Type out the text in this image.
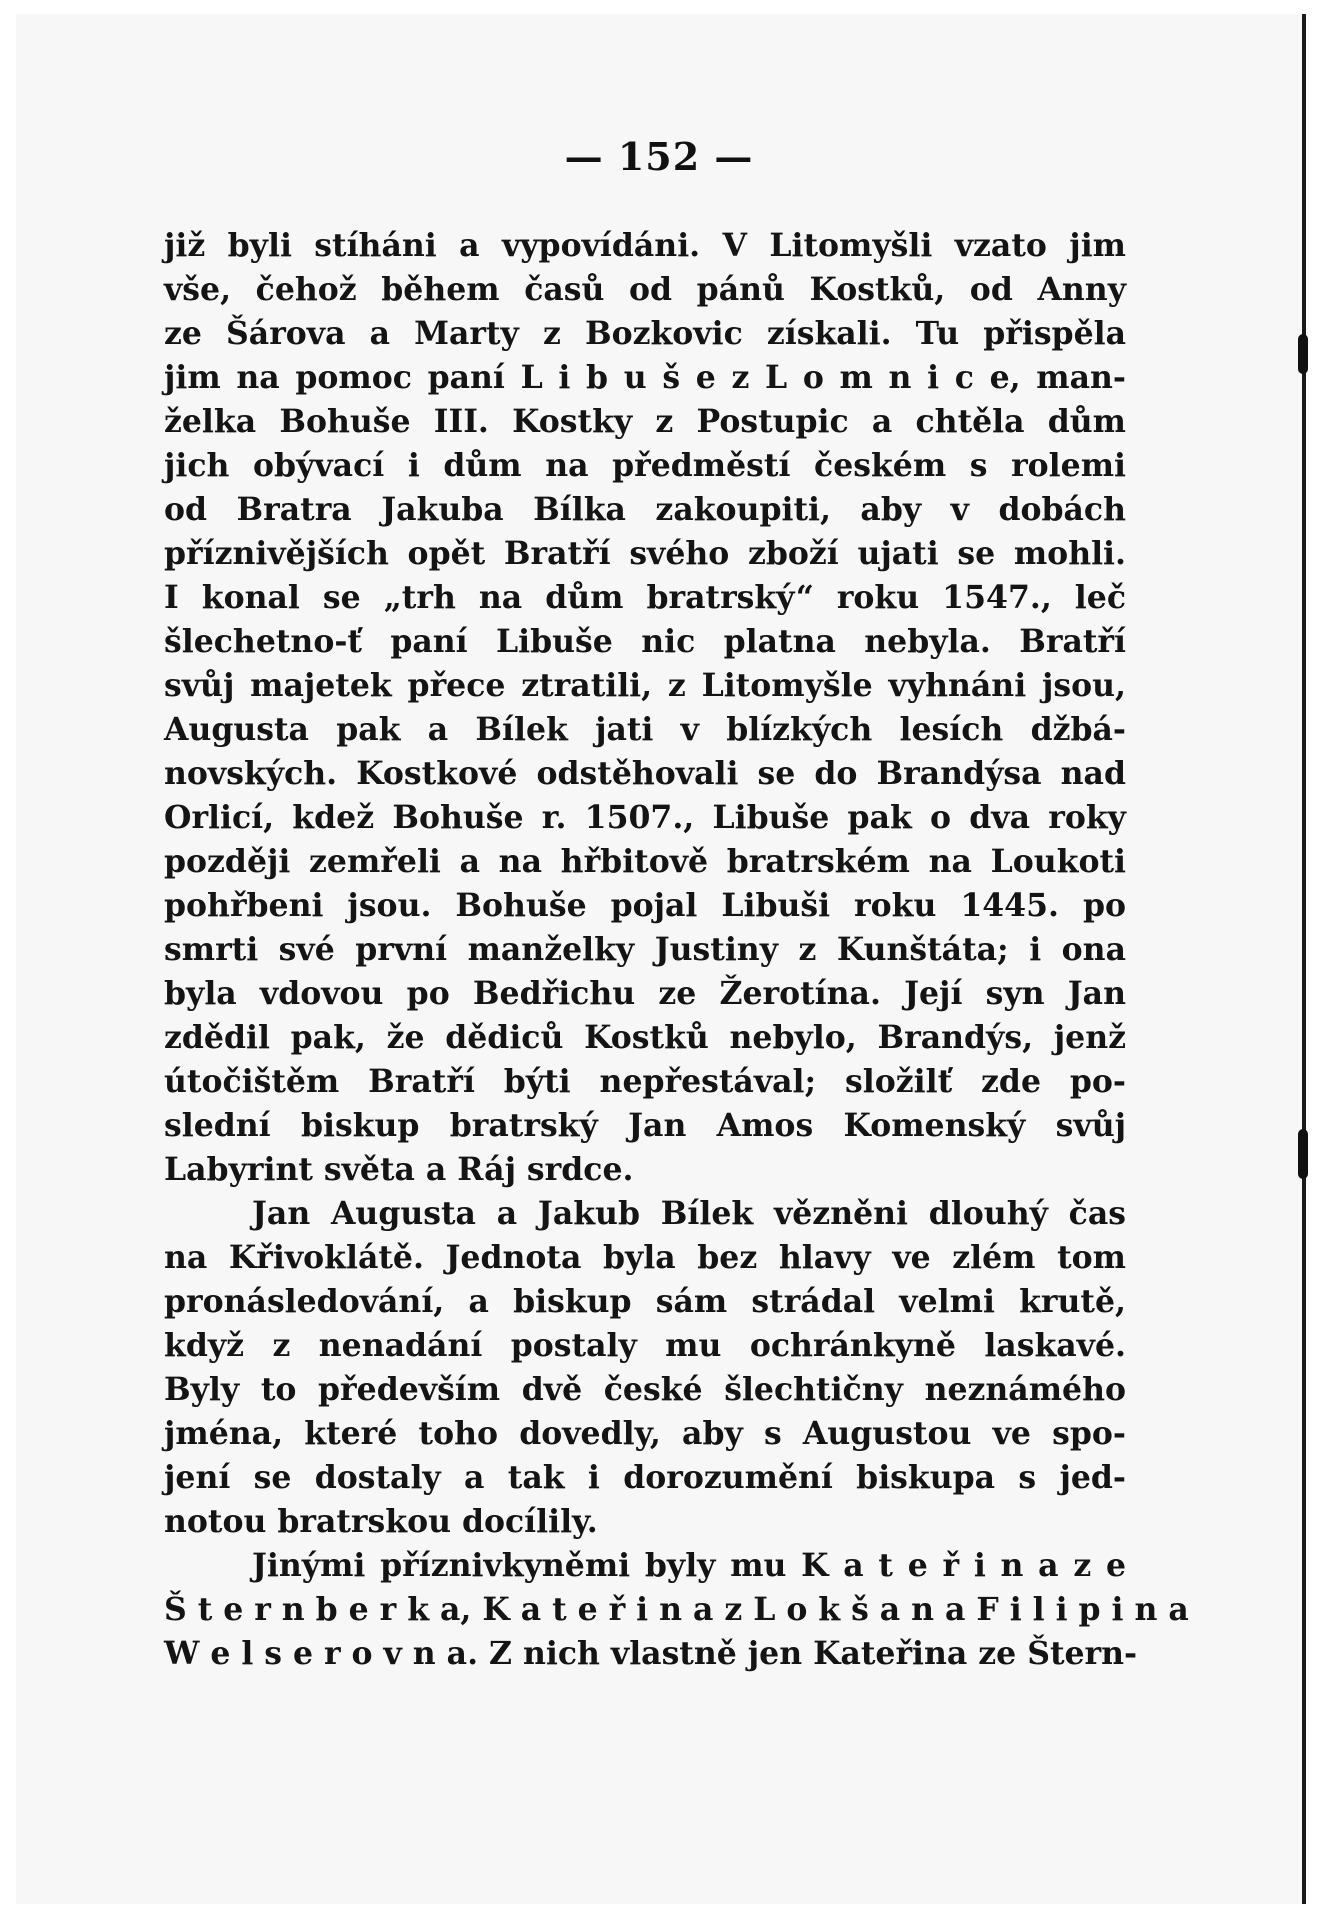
— 152 —
již byli stíháni a vypovídáni. V Litomyšli vzato jim
vše, čehož během časů od pánů Kostků, od Anny
ze Šárova a Marty z Bozkovic získali. Tu přispěla
jim na pomoc paní L i b u š e z L o m n i c e, man-
želka Bohuše III. Kostky z Postupic a chtěla dům
jich obývací i dům na předměstí českém s rolemi
od Bratra Jakuba Bílka zakoupiti, aby v dobách
příznivějších opět Bratří svého zboží ujati se mohli.
I konal se „trh na dům bratrský“ roku 1547., leč
šlechetno-ť paní Libuše nic platna nebyla. Bratří
svůj majetek přece ztratili, z Litomyšle vyhnáni jsou,
Augusta pak a Bílek jati v blízkých lesích džbá-
novských. Kostkové odstěhovali se do Brandýsa nad
Orlicí, kdež Bohuše r. 1507., Libuše pak o dva roky
později zemřeli a na hřbitově bratrském na Loukoti
pohřbeni jsou. Bohuše pojal Libuši roku 1445. po
smrti své první manželky Justiny z Kunštáta; i ona
byla vdovou po Bedřichu ze Žerotína. Její syn Jan
zdědil pak, že dědiců Kostků nebylo, Brandýs, jenž
útočištěm Bratří býti nepřestával; složilť zde po-
slední biskup bratrský Jan Amos Komenský svůj
Labyrint světa a Ráj srdce.
Jan Augusta a Jakub Bílek vězněni dlouhý čas
na Křivoklátě. Jednota byla bez hlavy ve zlém tom
pronásledování, a biskup sám strádal velmi krutě,
když z nenadání postaly mu ochránkyně laskavé.
Byly to především dvě české šlechtičny neznámého
jména, které toho dovedly, aby s Augustou ve spo-
jení se dostaly a tak i dorozumění biskupa s jed-
notou bratrskou docílily.
Jinými příznivkyněmi byly mu K a t e ř i n a z e
Š t e r n b e r k a, K a t e ř i n a z L o k š a n a F i l i p i n a
W e l s e r o v n a. Z nich vlastně jen Kateřina ze Štern-
